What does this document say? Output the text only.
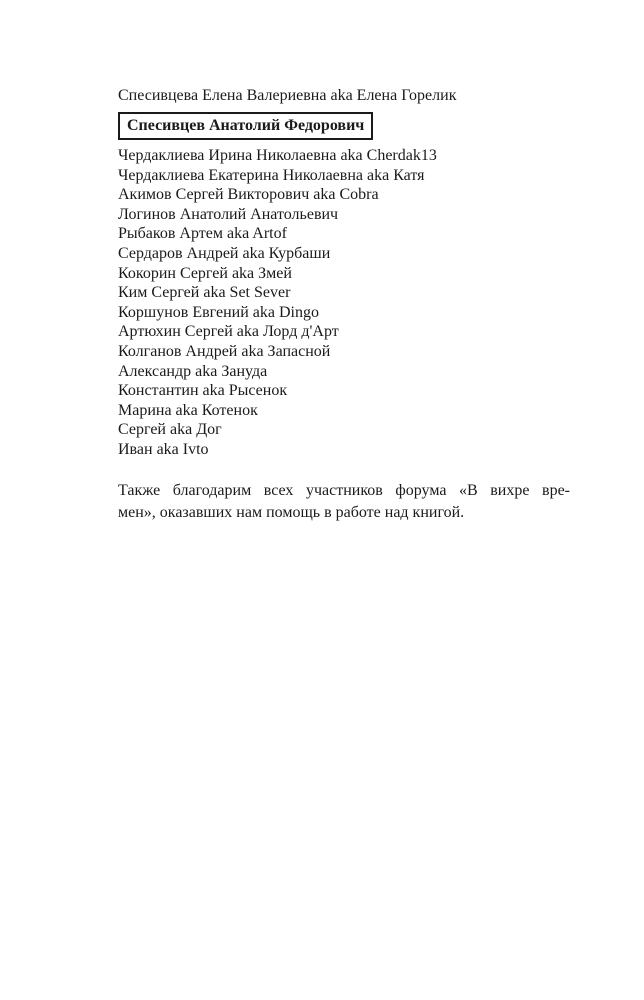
Спесивцева Елена Валериевна aka Елена Горелик
Спесивцев Анатолий Федорович
Чердаклиева Ирина Николаевна aka Cherdak13
Чердаклиева Екатерина Николаевна aka Катя
Акимов Сергей Викторович aka Cobra
Логинов Анатолий Анатольевич
Рыбаков Артем aka Artof
Сердаров Андрей aka Курбаши
Кокорин Сергей aka Змей
Ким Сергей aka Set Sever
Коршунов Евгений aka Dingo
Артюхин Сергей aka Лорд д'Арт
Колганов Андрей aka Запасной
Александр aka Зануда
Константин aka Рысенок
Марина aka Котенок
Сергей aka Дог
Иван aka Ivto
Также благодарим всех участников форума «В вихре вре-
мен», оказавших нам помощь в работе над книгой.
